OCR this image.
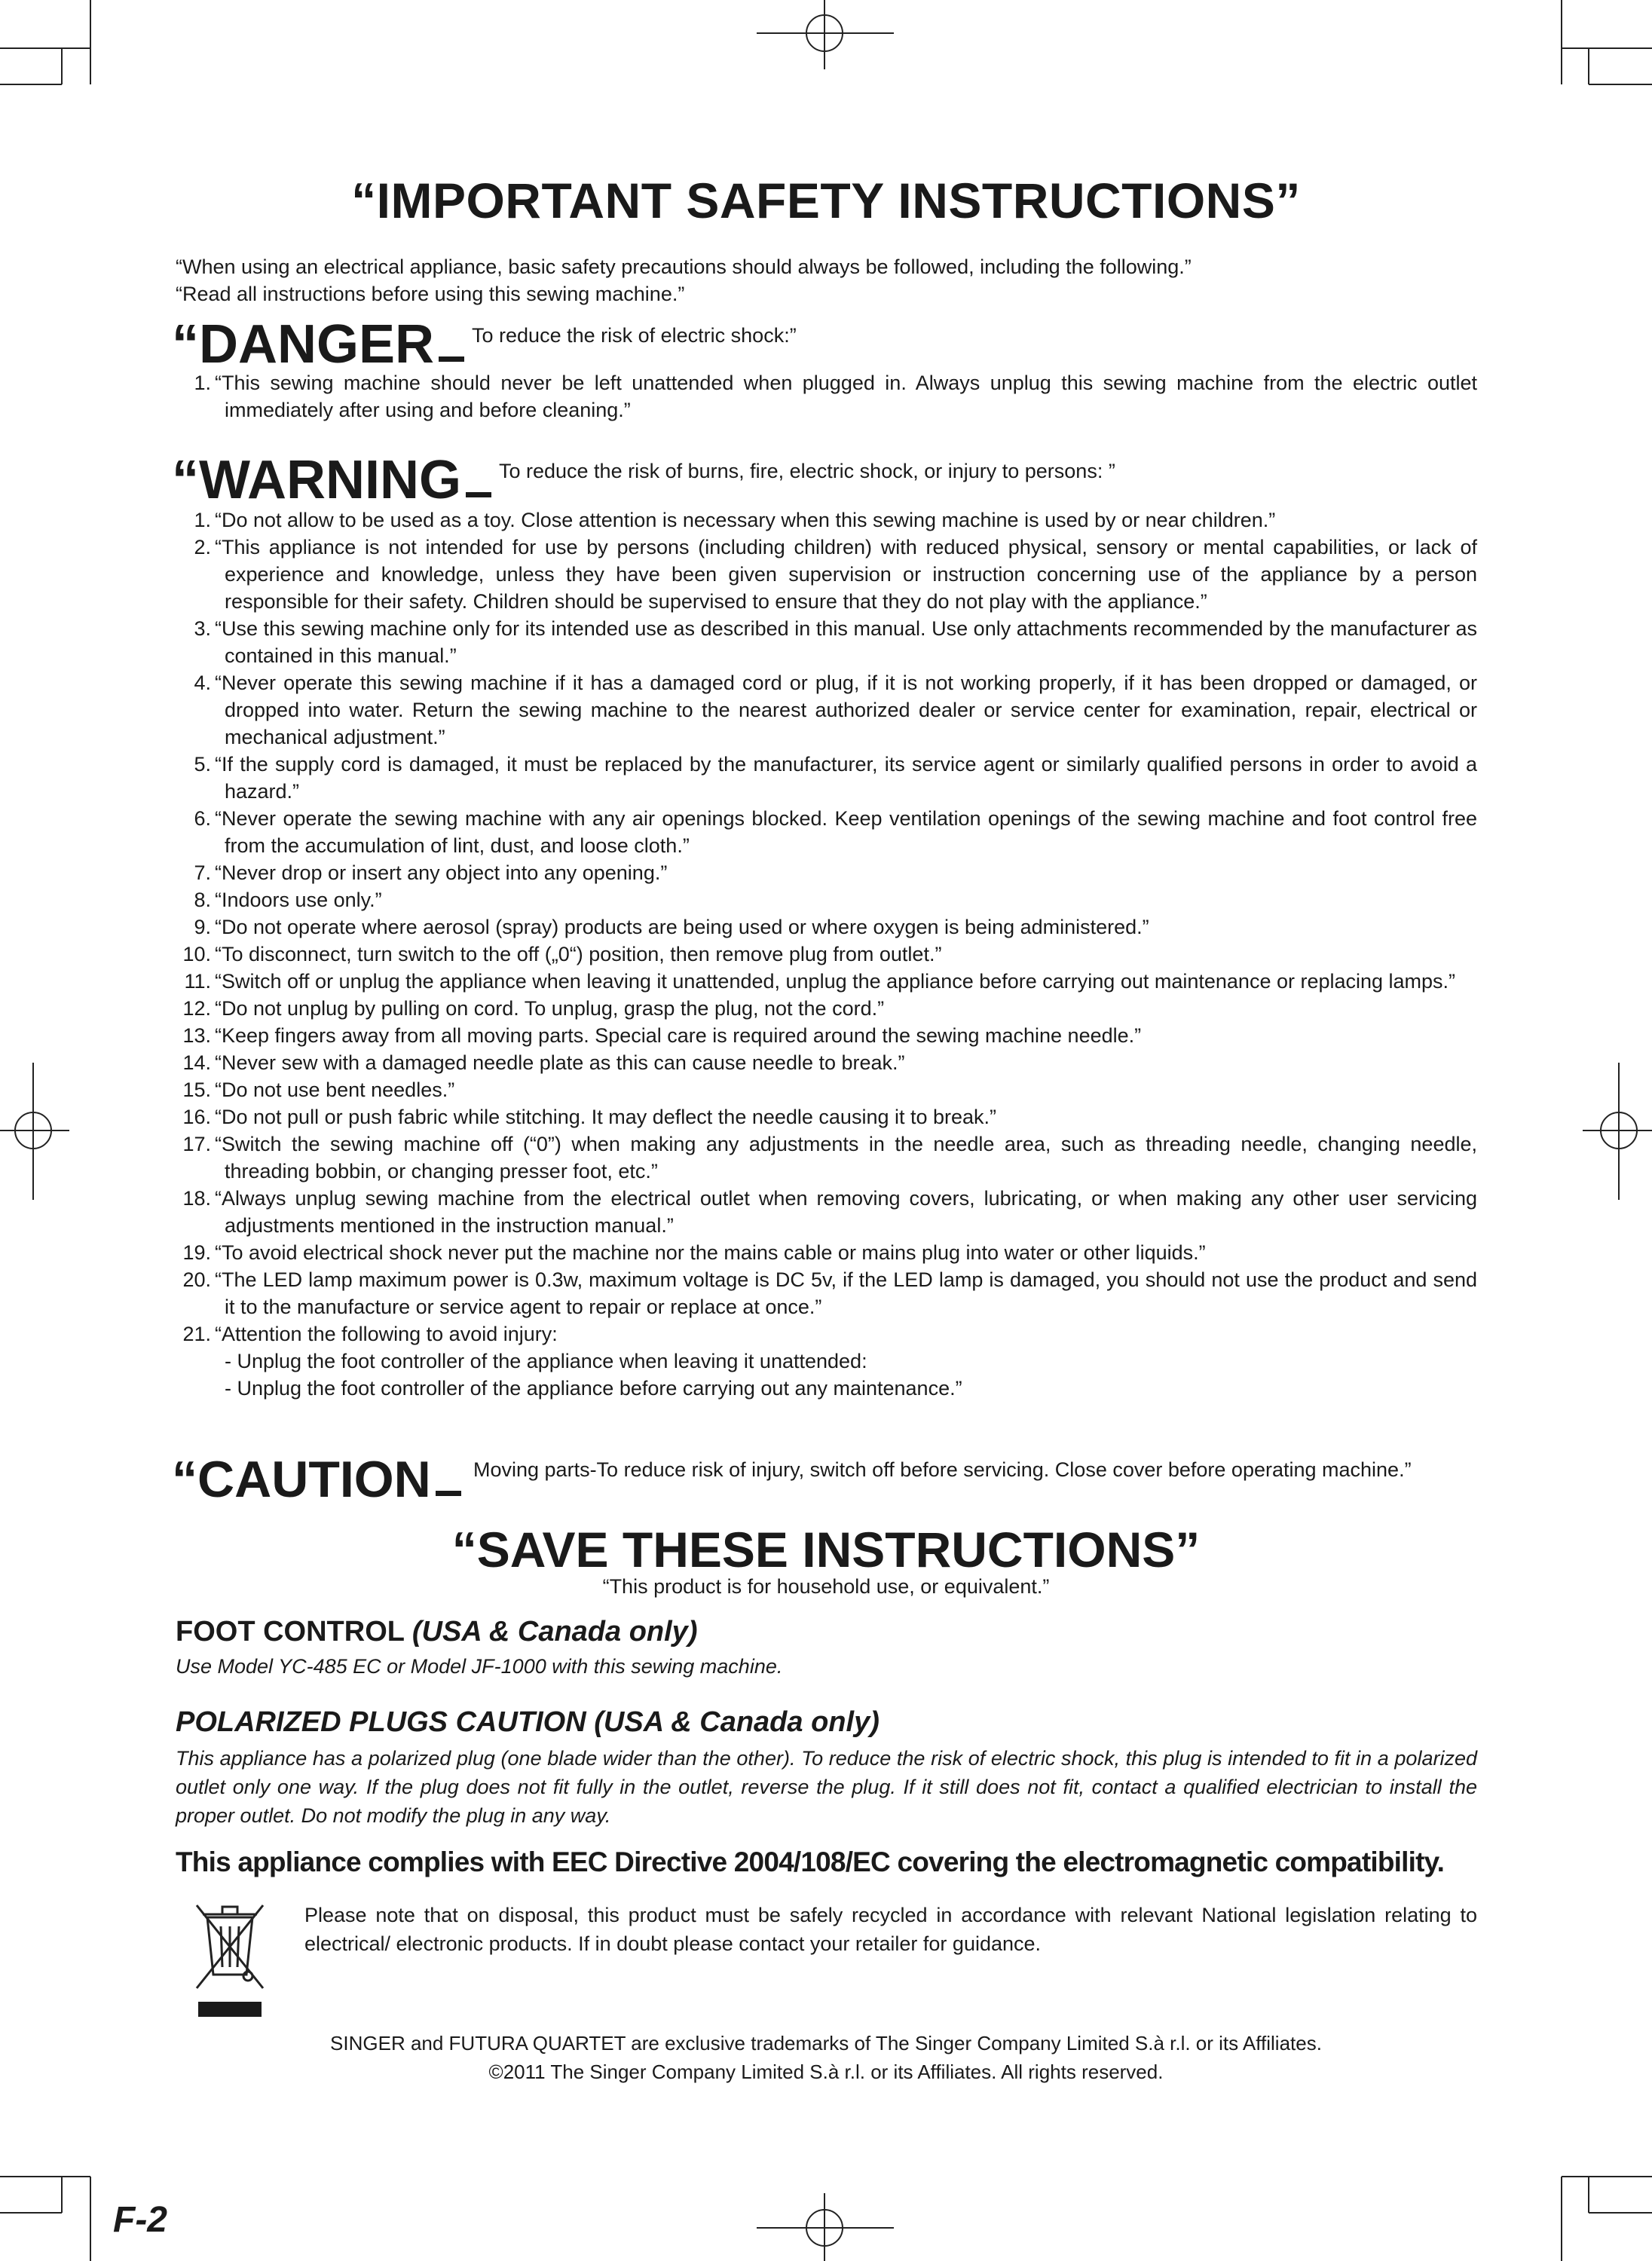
“IMPORTANT SAFETY INSTRUCTIONS”
“When using an electrical appliance, basic safety precautions should always be followed, including the following.”
“Read all instructions before using this sewing machine.”
“DANGER To reduce the risk of electric shock:”
1. “This sewing machine should never be left unattended when plugged in. Always unplug this sewing machine from the electric outlet immediately after using and before cleaning.”
“WARNING To reduce the risk of burns, fire, electric shock, or injury to persons: ”
1. “Do not allow to be used as a toy. Close attention is necessary when this sewing machine is used by or near children.”
2. “This appliance is not intended for use by persons (including children) with reduced physical, sensory or mental capabilities, or lack of experience and knowledge, unless they have been given supervision or instruction concerning use of the appliance by a person responsible for their safety. Children should be supervised to ensure that they do not play with the appliance.”
3. “Use this sewing machine only for its intended use as described in this manual. Use only attachments recommended by the manufacturer as contained in this manual.”
4. “Never operate this sewing machine if it has a damaged cord or plug, if it is not working properly, if it has been dropped or damaged, or dropped into water. Return the sewing machine to the nearest authorized dealer or service center for examination, repair, electrical or mechanical adjustment.”
5. “If the supply cord is damaged, it must be replaced by the manufacturer, its service agent or similarly qualified persons in order to avoid a hazard.”
6. “Never operate the sewing machine with any air openings blocked. Keep ventilation openings of the sewing machine and foot control free from the accumulation of lint, dust, and loose cloth.”
7. “Never drop or insert any object into any opening.”
8. “Indoors use only.”
9. “Do not operate where aerosol (spray) products are being used or where oxygen is being administered.”
10. “To disconnect, turn switch to the off („0“) position, then remove plug from outlet.”
11. “Switch off or unplug the appliance when leaving it unattended, unplug the appliance before carrying out maintenance or replacing lamps.”
12. “Do not unplug by pulling on cord. To unplug, grasp the plug, not the cord.”
13. “Keep fingers away from all moving parts. Special care is required around the sewing machine needle.”
14. “Never sew with a damaged needle plate as this can cause needle to break.”
15. “Do not use bent needles.”
16. “Do not pull or push fabric while stitching. It may deflect the needle causing it to break.”
17. “Switch the sewing machine off (“0”) when making any adjustments in the needle area, such as threading needle, changing needle, threading bobbin, or changing presser foot, etc.”
18. “Always unplug sewing machine from the electrical outlet when removing covers, lubricating, or when making any other user servicing adjustments mentioned in the instruction manual.”
19. “To avoid electrical shock never put the machine nor the mains cable or mains plug into water or other liquids.”
20. “The LED lamp maximum power is 0.3w, maximum voltage is DC 5v, if the LED lamp is damaged, you should not use the product and send it to the manufacture or service agent to repair or replace at once.”
21. “Attention the following to avoid injury:
- Unplug the foot controller of the appliance when leaving it unattended:
- Unplug the foot controller of the appliance before carrying out any maintenance.”
“CAUTION Moving parts-To reduce risk of injury, switch off before servicing. Close cover before operating machine.”
“SAVE THESE INSTRUCTIONS”
“This product is for household use, or equivalent.”
FOOT CONTROL (USA & Canada only)
Use Model YC-485 EC or Model JF-1000 with this sewing machine.
POLARIZED PLUGS CAUTION (USA & Canada only)
This appliance has a polarized plug (one blade wider than the other). To reduce the risk of electric shock, this plug is intended to fit in a polarized outlet only one way. If the plug does not fit fully in the outlet, reverse the plug. If it still does not fit, contact a qualified electrician to install the proper outlet. Do not modify the plug in any way.
This appliance complies with EEC Directive 2004/108/EC covering the electromagnetic compatibility.
Please note that on disposal, this product must be safely recycled in accordance with relevant National legislation relating to electrical/ electronic products. If in doubt please contact your retailer for guidance.
SINGER and FUTURA QUARTET are exclusive trademarks of The Singer Company Limited S.à r.l. or its Affiliates.
©2011 The Singer Company Limited S.à r.l. or its Affiliates. All rights reserved.
F-2
